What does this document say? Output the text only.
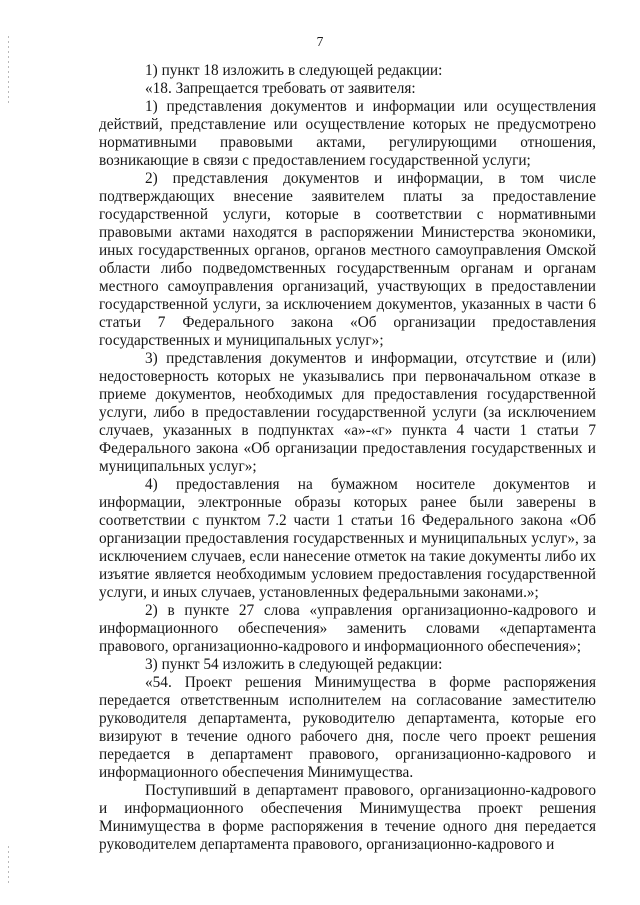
7

1) пункт 18 изложить в следующей редакции:

«18. Запрещается требовать от заявителя:

1) представления документов и информации или осуществления действий, представление или осуществление которых не предусмотрено нормативными правовыми актами, регулирующими отношения, возникающие в связи с предоставлением государственной услуги;

2) представления документов и информации, в том числе подтверждающих внесение заявителем платы за предоставление государственной услуги, которые в соответствии с нормативными правовыми актами находятся в распоряжении Министерства экономики, иных государственных органов, органов местного самоуправления Омской области либо подведомственных государственным органам и органам местного самоуправления организаций, участвующих в предоставлении государственной услуги, за исключением документов, указанных в части 6 статьи 7 Федерального закона «Об организации предоставления государственных и муниципальных услуг»;

3) представления документов и информации, отсутствие и (или) недостоверность которых не указывались при первоначальном отказе в приеме документов, необходимых для предоставления государственной услуги, либо в предоставлении государственной услуги (за исключением случаев, указанных в подпунктах «а»-«г» пункта 4 части 1 статьи 7 Федерального закона «Об организации предоставления государственных и муниципальных услуг»;

4) предоставления на бумажном носителе документов и информации, электронные образы которых ранее были заверены в соответствии с пунктом 7.2 части 1 статьи 16 Федерального закона «Об организации предоставления государственных и муниципальных услуг», за исключением случаев, если нанесение отметок на такие документы либо их изъятие является необходимым условием предоставления государственной услуги, и иных случаев, установленных федеральными законами.»;

2) в пункте 27 слова «управления организационно-кадрового и информационного обеспечения» заменить словами «департамента правового, организационно-кадрового и информационного обеспечения»;

3) пункт 54 изложить в следующей редакции:

«54. Проект решения Минимущества в форме распоряжения передается ответственным исполнителем на согласование заместителю руководителя департамента, руководителю департамента, которые его визируют в течение одного рабочего дня, после чего проект решения передается в департамент правового, организационно-кадрового и информационного обеспечения Минимущества.

Поступивший в департамент правового, организационно-кадрового и информационного обеспечения Минимущества проект решения Минимущества в форме распоряжения в течение одного дня передается руководителем департамента правового, организационно-кадрового и
